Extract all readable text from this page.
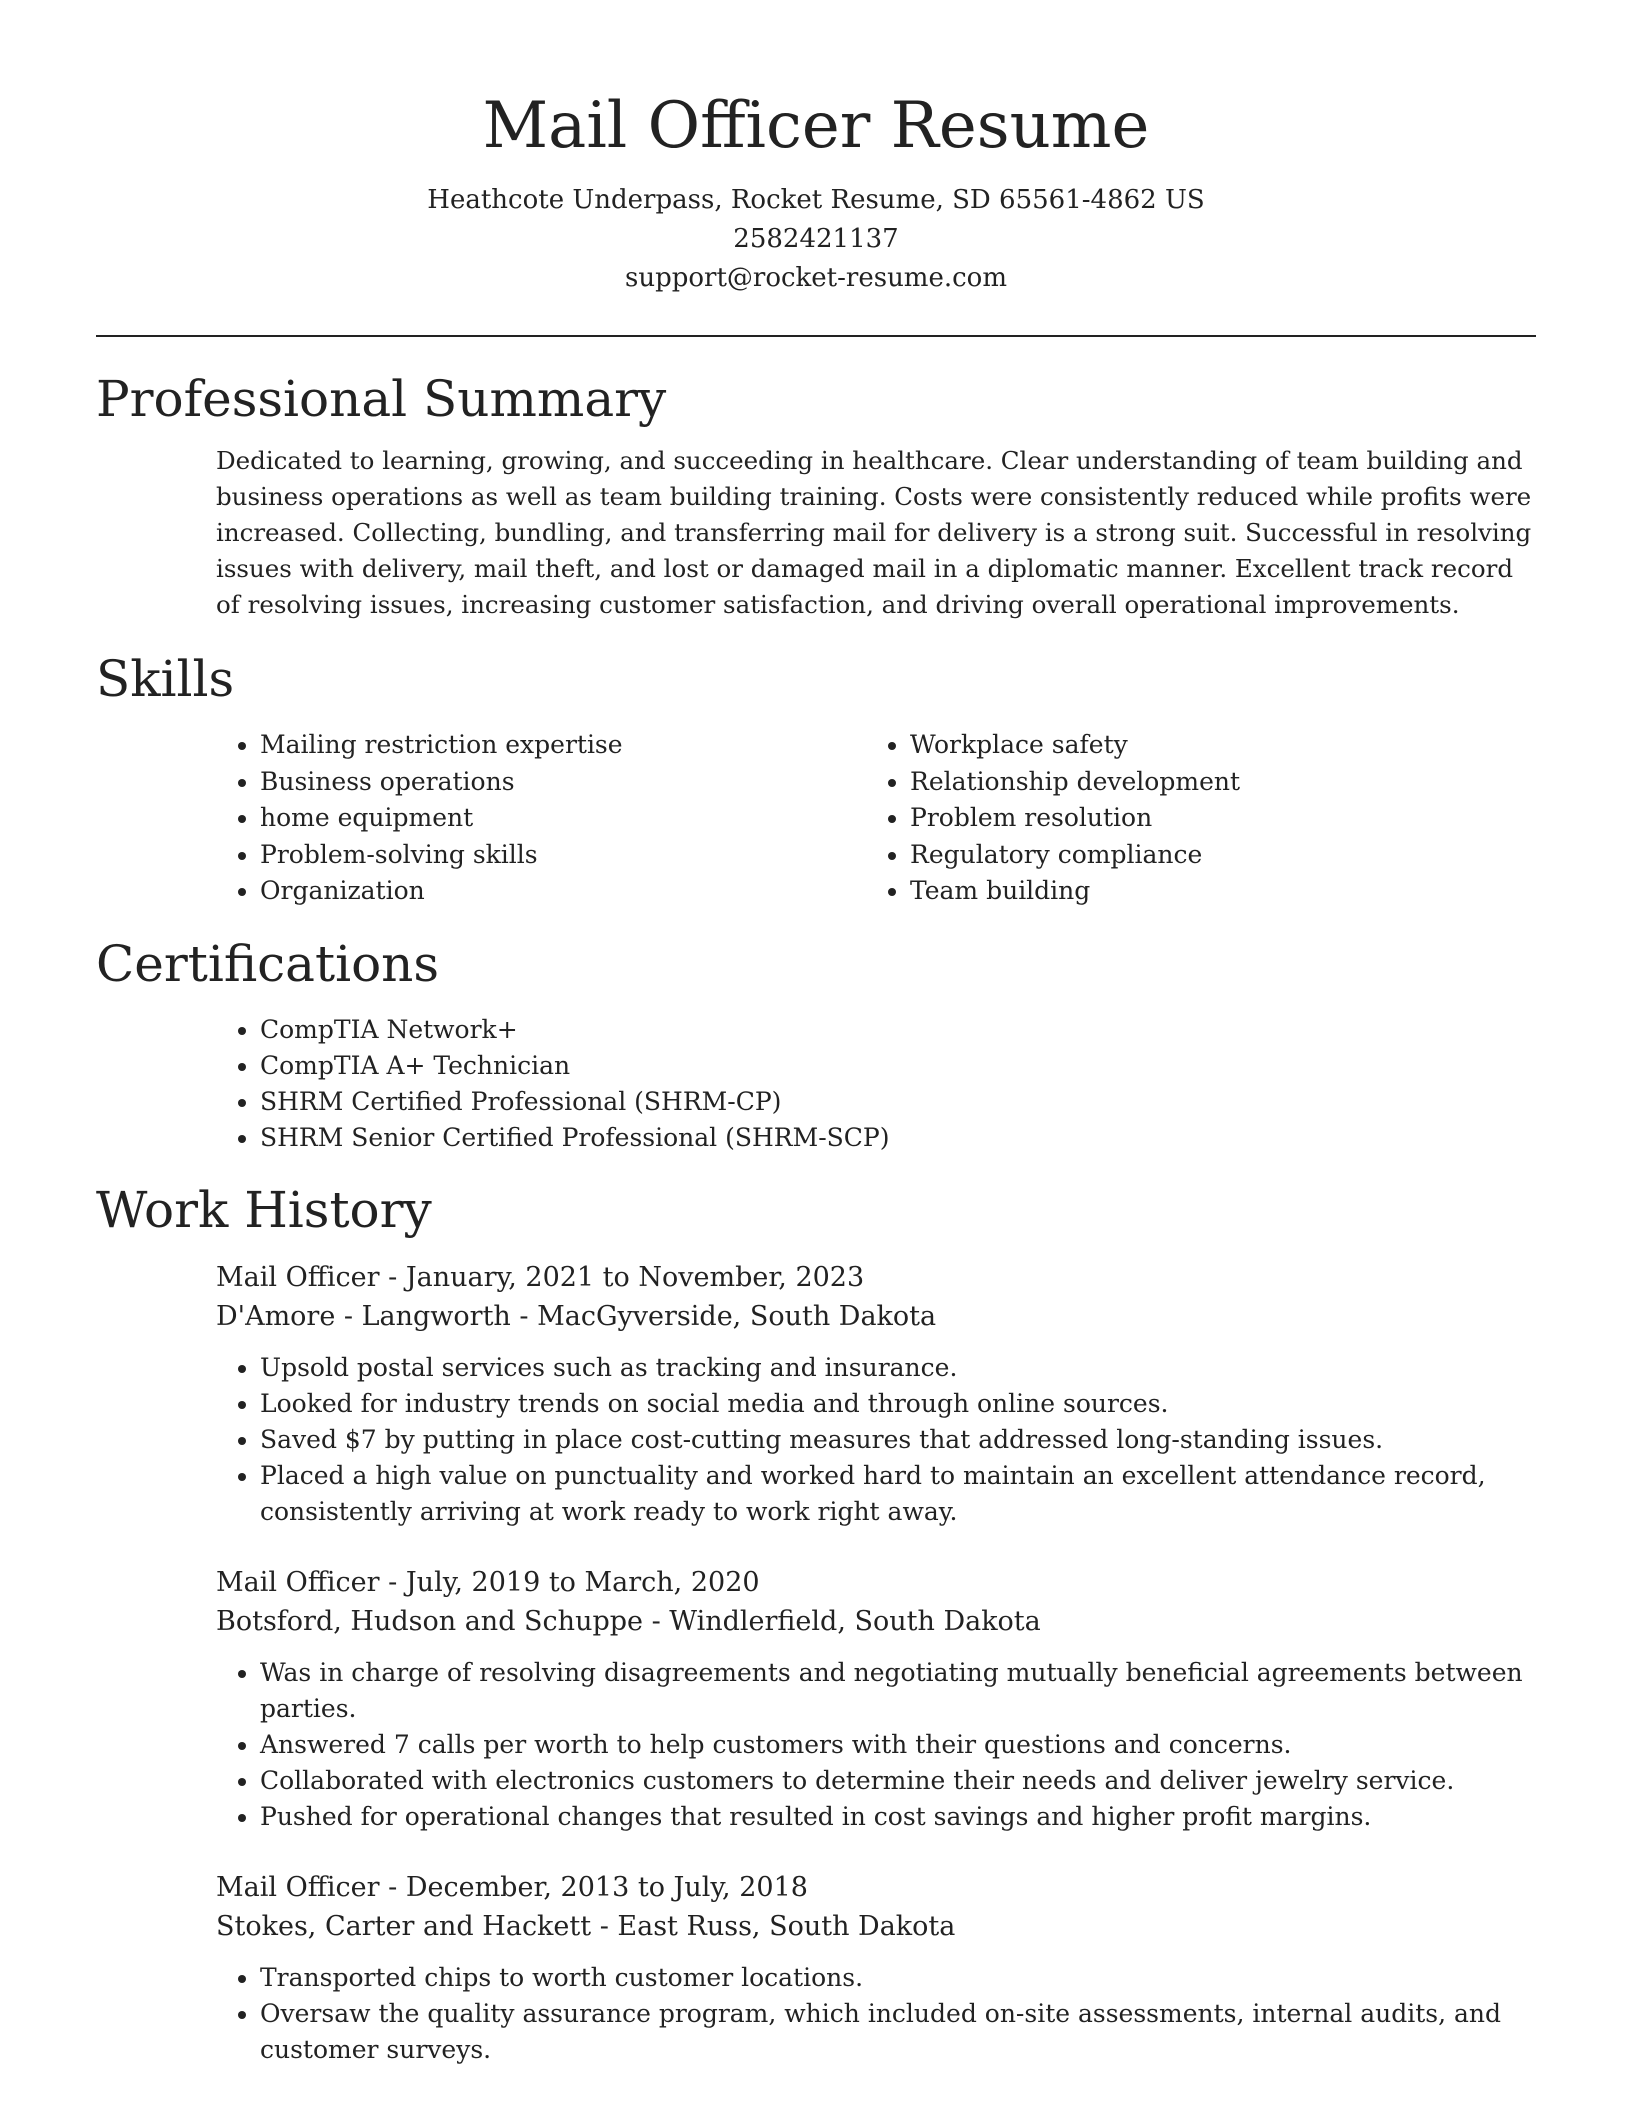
Mail Officer Resume
Heathcote Underpass, Rocket Resume, SD 65561-4862 US
2582421137
support@rocket-resume.com
Professional Summary

Dedicated to learning, growing, and succeeding in healthcare. Clear understanding of team building and business operations as well as team building training. Costs were consistently reduced while profits were increased. Collecting, bundling, and transferring mail for delivery is a strong suit. Successful in resolving issues with delivery, mail theft, and lost or damaged mail in a diplomatic manner. Excellent track record of resolving issues, increasing customer satisfaction, and driving overall operational improvements.

Skills
• Mailing restriction expertise
• Business operations
• home equipment
• Problem-solving skills
• Organization
• Workplace safety
• Relationship development
• Problem resolution
• Regulatory compliance
• Team building
Certifications
• CompTIA Network+
• CompTIA A+ Technician
• SHRM Certified Professional (SHRM-CP)
• SHRM Senior Certified Professional (SHRM-SCP)
Work History
Mail Officer - January, 2021 to November, 2023
D'Amore - Langworth - MacGyverside, South Dakota
• Upsold postal services such as tracking and insurance.
• Looked for industry trends on social media and through online sources.
• Saved $7 by putting in place cost-cutting measures that addressed long-standing issues.
• Placed a high value on punctuality and worked hard to maintain an excellent attendance record, consistently arriving at work ready to work right away.
Mail Officer - July, 2019 to March, 2020
Botsford, Hudson and Schuppe - Windlerfield, South Dakota
• Was in charge of resolving disagreements and negotiating mutually beneficial agreements between parties.
• Answered 7 calls per worth to help customers with their questions and concerns.
• Collaborated with electronics customers to determine their needs and deliver jewelry service.
• Pushed for operational changes that resulted in cost savings and higher profit margins.
Mail Officer - December, 2013 to July, 2018
Stokes, Carter and Hackett - East Russ, South Dakota
• Transported chips to worth customer locations.
• Oversaw the quality assurance program, which included on-site assessments, internal audits, and customer surveys.
